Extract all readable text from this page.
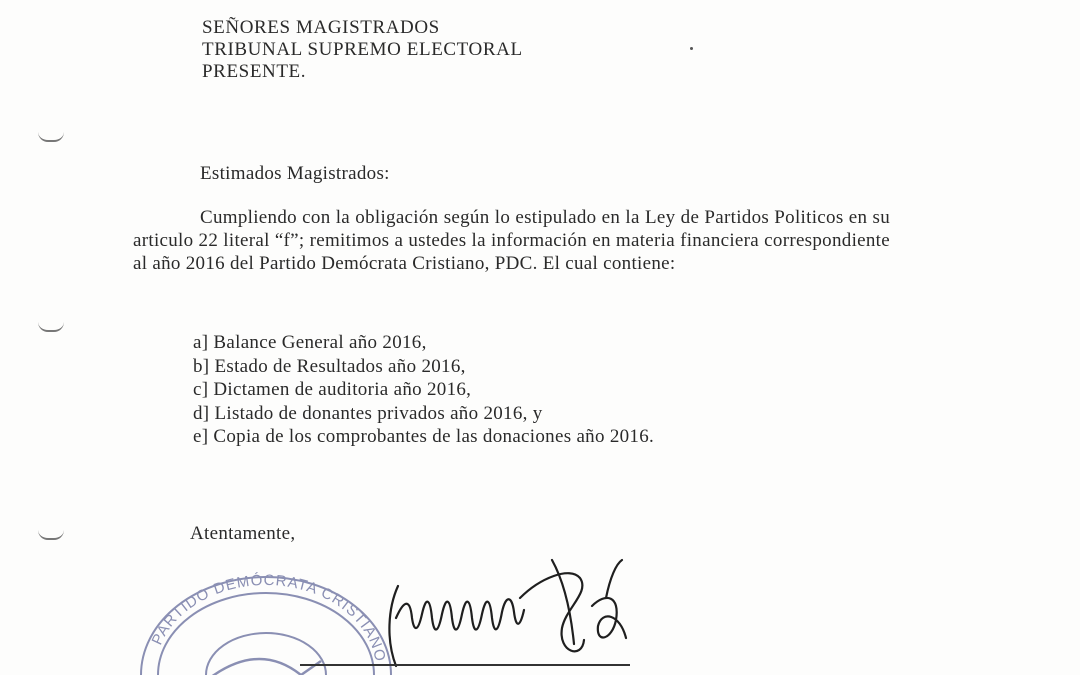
SEÑORES MAGISTRADOS
TRIBUNAL SUPREMO ELECTORAL
PRESENTE.
Estimados Magistrados:
Cumpliendo con la obligación según lo estipulado en la Ley de Partidos Politicos en su articulo 22 literal “f”; remitimos a ustedes la información en materia financiera correspondiente al año 2016 del Partido Demócrata Cristiano, PDC. El cual contiene:
a] Balance General año 2016,
b] Estado de Resultados año 2016,
c] Dictamen de auditoria año 2016,
d] Listado de donantes privados año 2016, y
e] Copia de los comprobantes de las donaciones año 2016.
Atentamente,
PARTIDO DEMÓCRATA CRISTIANO
